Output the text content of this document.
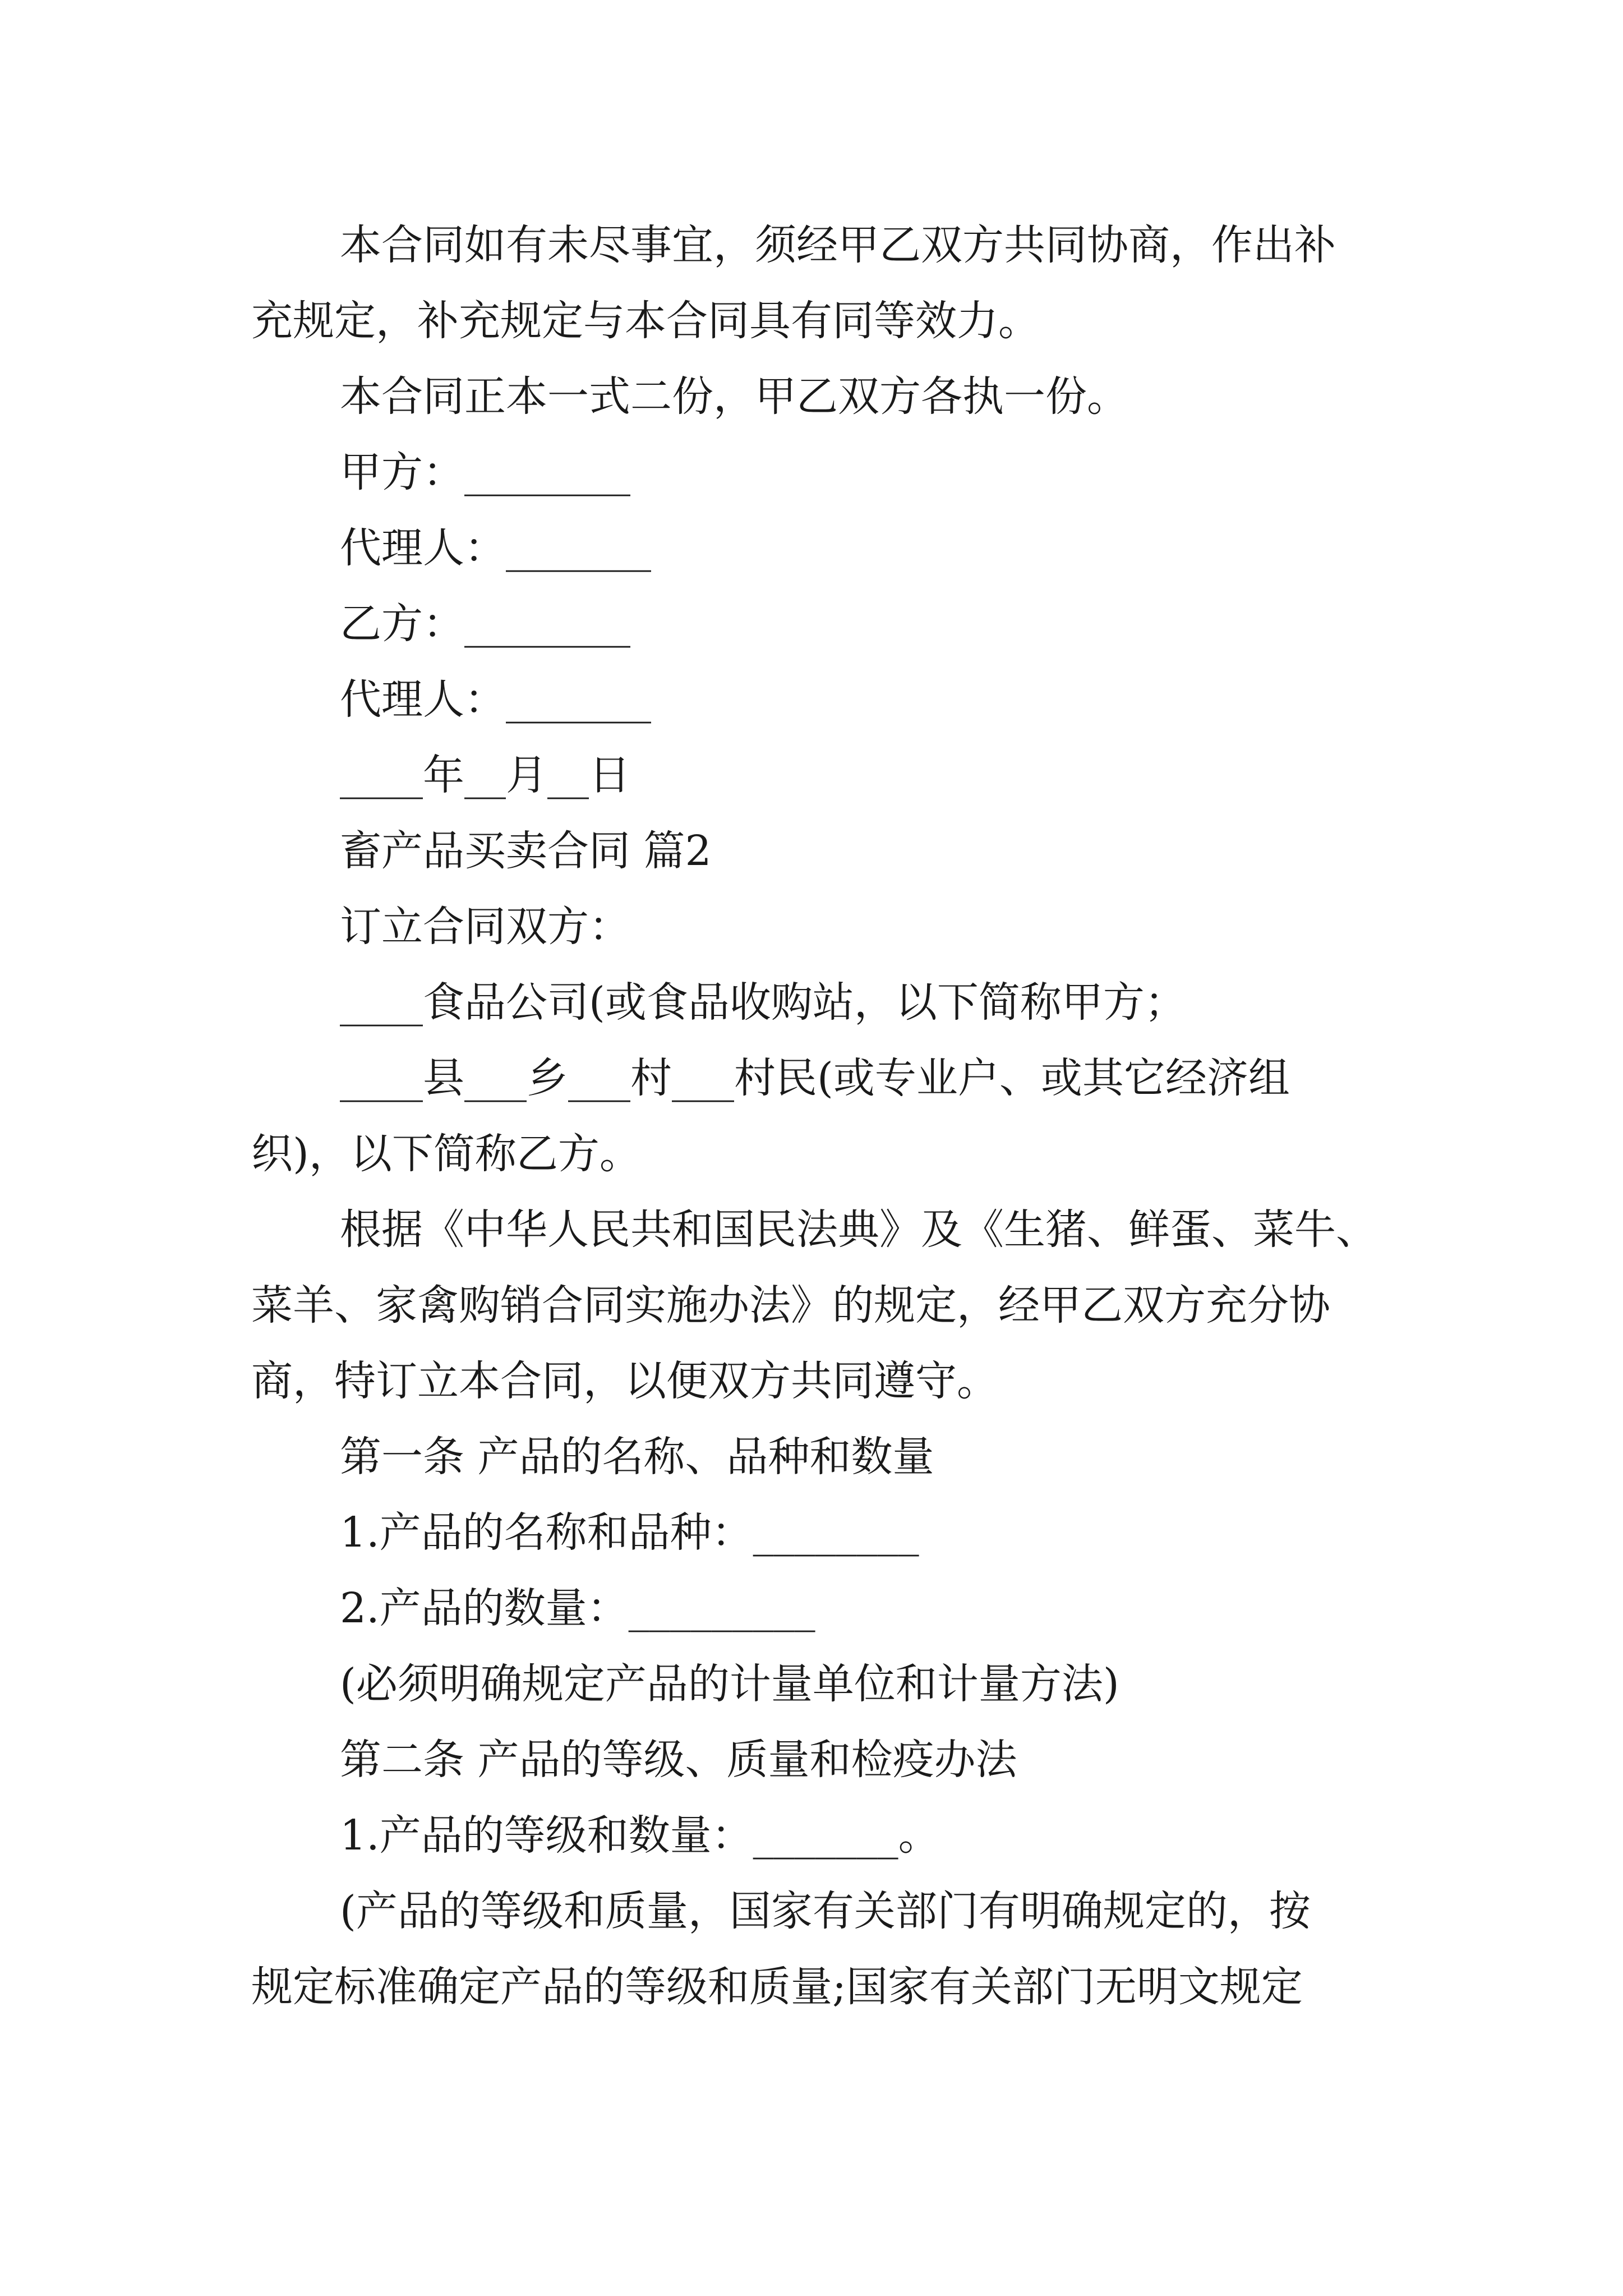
本合同如有未尽事宜，须经甲乙双方共同协商，作出补
充规定，补充规定与本合同具有同等效力。
本合同正本一式二份，甲乙双方各执一份。
甲方：________
代理人：_______
乙方：________
代理人：_______
____年__月__日
畜产品买卖合同 篇2
订立合同双方：
____食品公司(或食品收购站，以下简称甲方；
____县___乡___村___村民(或专业户、或其它经济组
织)，以下简称乙方。
根据《中华人民共和国民法典》及《生猪、鲜蛋、菜牛、
菜羊、家禽购销合同实施办法》的规定，经甲乙双方充分协
商，特订立本合同，以便双方共同遵守。
第一条 产品的名称、品种和数量
1.产品的名称和品种：________
2.产品的数量：_________
(必须明确规定产品的计量单位和计量方法)
第二条 产品的等级、质量和检疫办法
1.产品的等级和数量：_______。
(产品的等级和质量，国家有关部门有明确规定的，按
规定标准确定产品的等级和质量;国家有关部门无明文规定
